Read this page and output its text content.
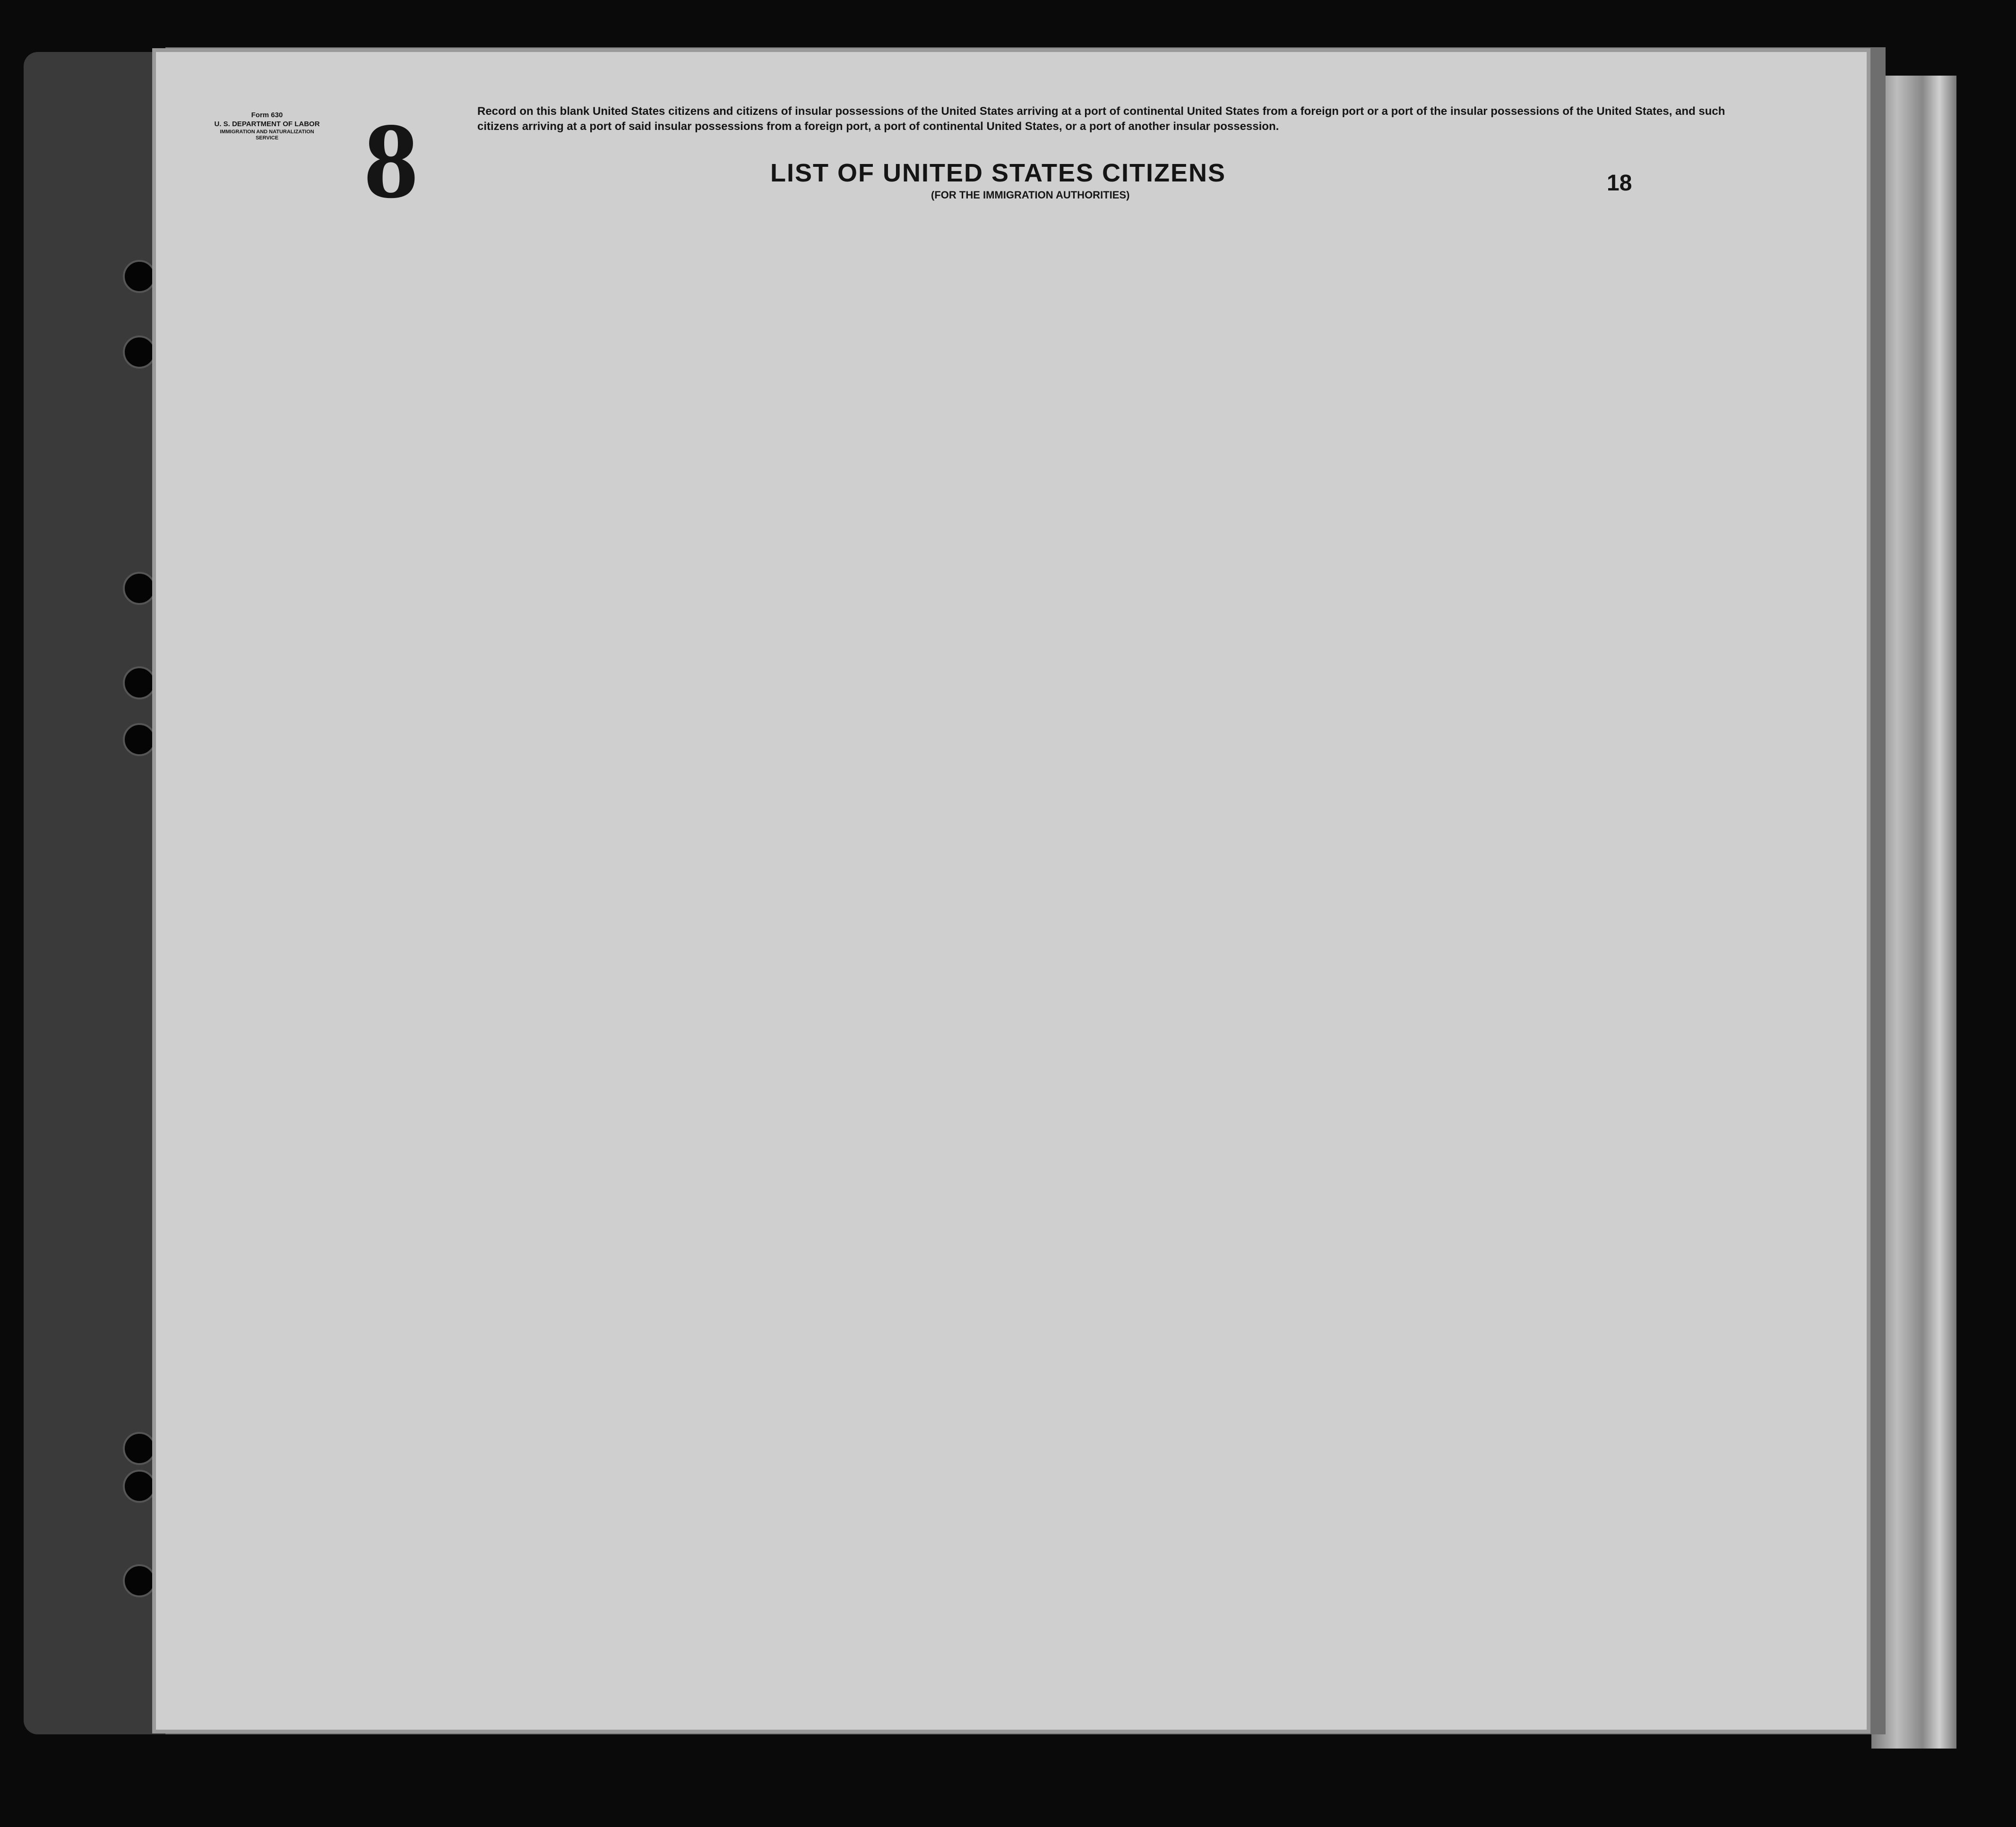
Form 630
U. S. DEPARTMENT OF LABOR
IMMIGRATION AND NATURALIZATION SERVICE 8	Record on this blank United States citizens and citizens of insular possessions of the United States arriving at a port of continental United States from a foreign port or a port of the insular possessions of the United States, and such citizens arriving at a port of said insular possessions from a foreign port, a port of continental United States, or a port of another insular possession.
LIST OF UNITED STATES CITIZENS
(FOR THE IMMIGRATION AUTHORITIES)	18
